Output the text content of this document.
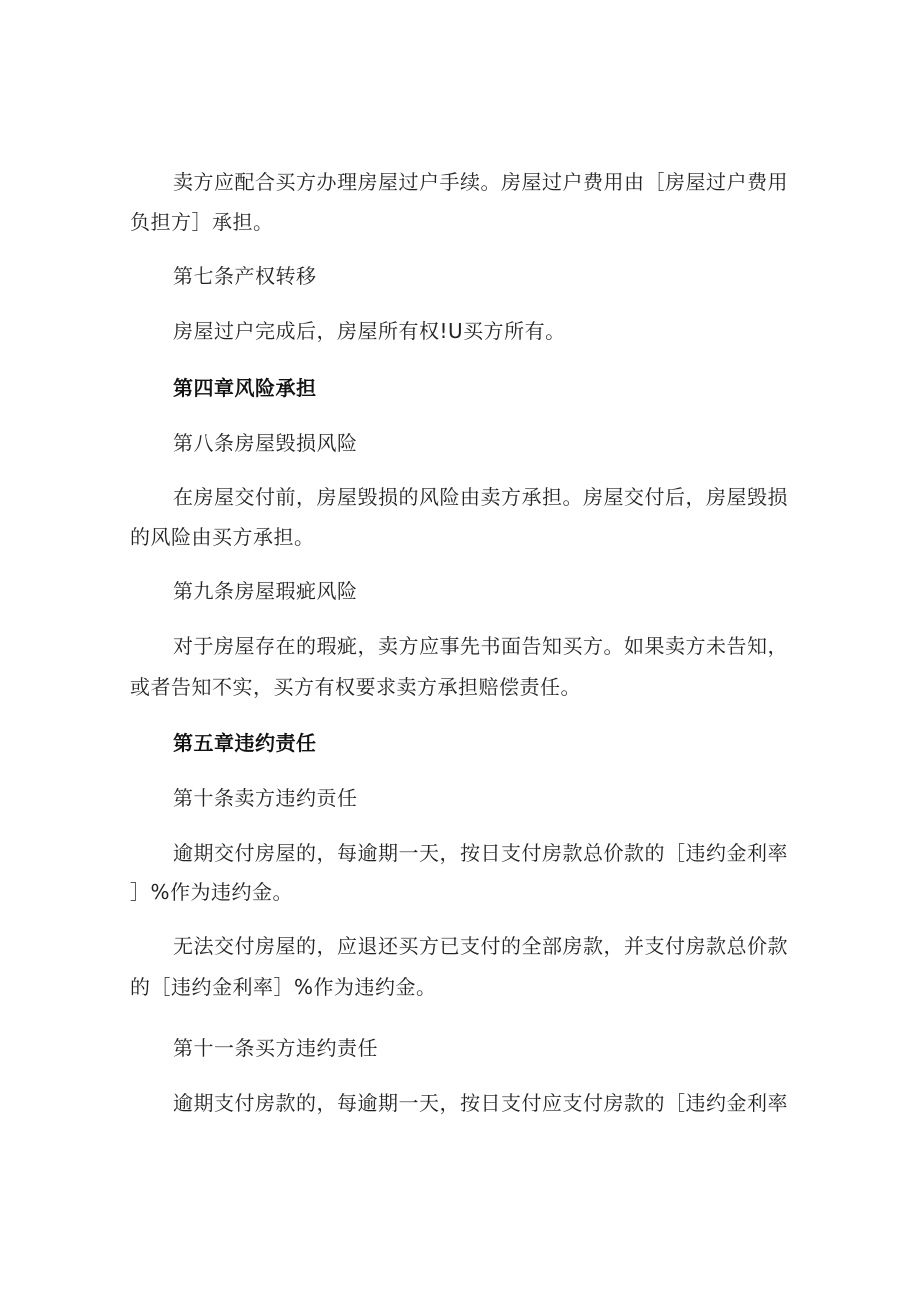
卖方应配合买方办理房屋过户手续。房屋过户费用由［房屋过户费用
负担方］承担。
第七条产权转移
房屋过户完成后，房屋所有权!U买方所有。
第四章风险承担
第八条房屋毁损风险
在房屋交付前，房屋毁损的风险由卖方承担。房屋交付后，房屋毁损
的风险由买方承担。
第九条房屋瑕疵风险
对于房屋存在的瑕疵，卖方应事先书面告知买方。如果卖方未告知，
或者告知不实，买方有权要求卖方承担赔偿责任。
第五章违约责任
第十条卖方违约贡任
逾期交付房屋的，每逾期一天，按日支付房款总价款的［违约金利率
］%作为违约金。
无法交付房屋的，应退还买方已支付的全部房款，并支付房款总价款
的［违约金利率］%作为违约金。
第十一条买方违约责任
逾期支付房款的，每逾期一天，按日支付应支付房款的［违约金利率
